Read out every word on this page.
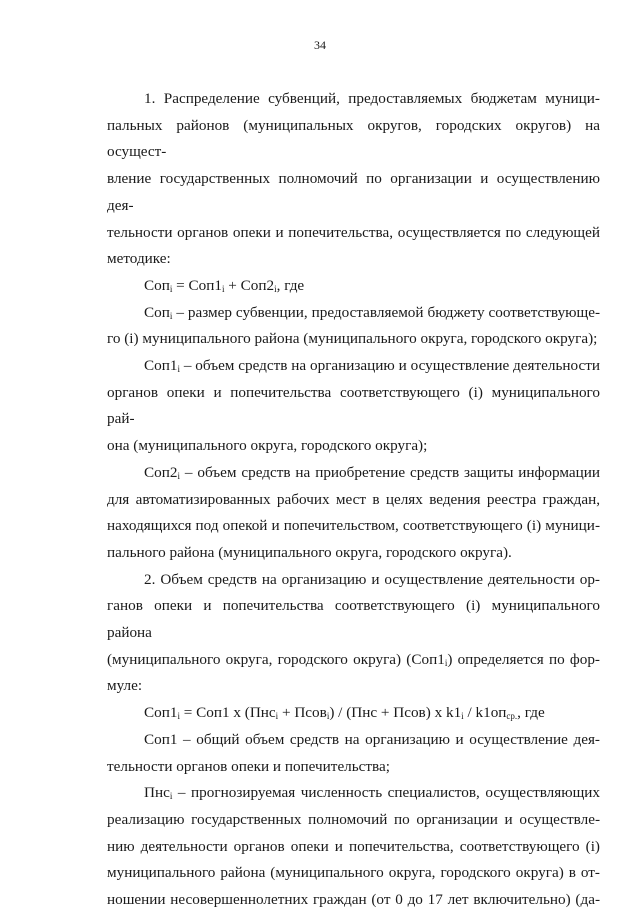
34

1. Распределение субвенций, предоставляемых бюджетам муници-
пальных районов (муниципальных округов, городских округов) на осущест-
вление государственных полномочий по организации и осуществлению дея-
тельности органов опеки и попечительства, осуществляется по следующей
методике:

$Соп_i = Соп1_i + Соп2_i$, где

Соп$_i$ – размер субвенции, предоставляемой бюджету соответствующе-
го (i) муниципального района (муниципального округа, городского округа);

$Соп1_i$ – объем средств на организацию и осуществление деятельности
органов опеки и попечительства соответствующего (i) муниципального рай-
она (муниципального округа, городского округа);

$Соп2_i$ – объем средств на приобретение средств защиты информации
для автоматизированных рабочих мест в целях ведения реестра граждан,
находящихся под опекой и попечительством, соответствующего (i) муници-
пального района (муниципального округа, городского округа).

2. Объем средств на организацию и осуществление деятельности ор-
ганов опеки и попечительства соответствующего (i) муниципального района
(муниципального округа, городского округа) $(Соп1_i)$ определяется по фор-
муле:

$Соп1_i = Соп1$ х (Пнс$_i$ + Псов$_i$) / (Пнс + Псов) х $k1_i / k1оп_{ср.}$, где

Соп1 – общий объем средств на организацию и осуществление дея-
тельности органов опеки и попечительства;

Пнс$_i$ – прогнозируемая численность специалистов, осуществляющих
реализацию государственных полномочий по организации и осуществле-
нию деятельности органов опеки и попечительства, соответствующего (i)
муниципального района (муниципального округа, городского округа) в от-
ношении несовершеннолетних граждан (от 0 до 17 лет включительно) (да-
